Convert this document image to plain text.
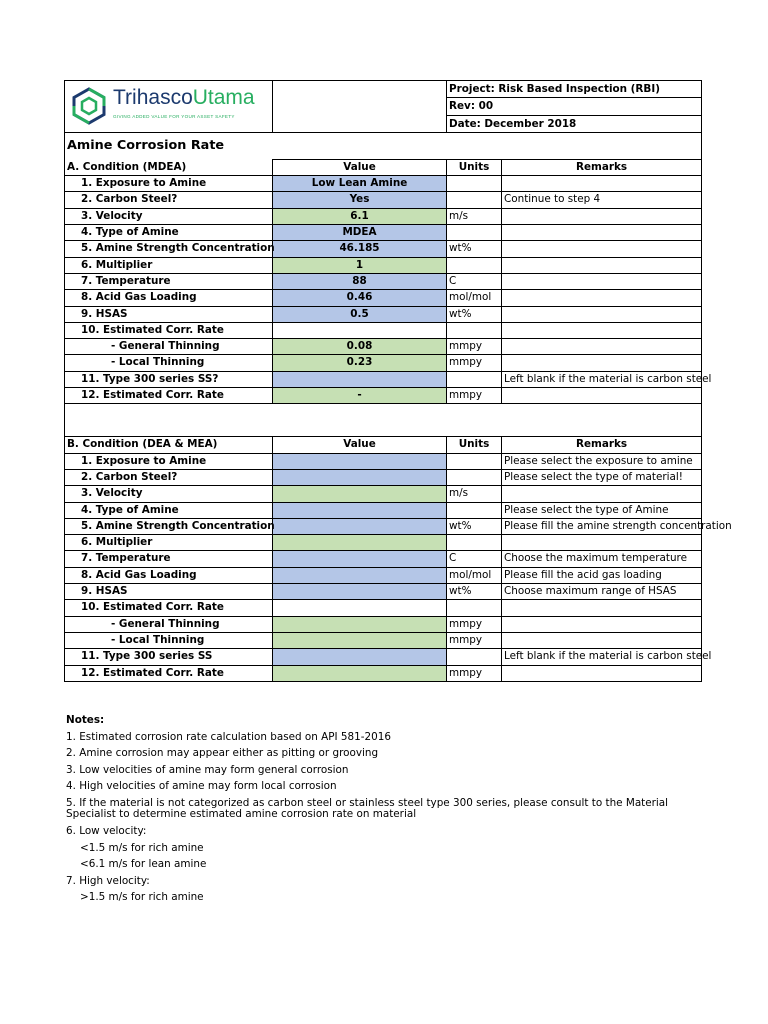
TrihascoUtama
GIVING ADDED VALUE FOR YOUR ASSET SAFETY		Project: Risk Based Inspection (RBI)	
		Rev: 00	
		Date: December 2018	
Amine Corrosion Rate			
A. Condition (MDEA)	Value	Units	Remarks
1. Exposure to Amine	Low Lean Amine		
2. Carbon Steel?	Yes		Continue to step 4
3. Velocity	6.1	m/s	
4. Type of Amine	MDEA		
5. Amine Strength Concentration	46.185	wt%	
6. Multiplier	1		
7. Temperature	88	C	
8. Acid Gas Loading	0.46	mol/mol	
9. HSAS	0.5	wt%	
10. Estimated Corr. Rate			
- General Thinning	0.08	mmpy	
- Local Thinning	0.23	mmpy	
11. Type 300 series SS?			Left blank if the material is carbon steel
12. Estimated Corr. Rate	-	mmpy	

B. Condition (DEA & MEA)	Value	Units	Remarks
1. Exposure to Amine			Please select the exposure to amine
2. Carbon Steel?			Please select the type of material!
3. Velocity		m/s	
4. Type of Amine			Please select the type of Amine
5. Amine Strength Concentration		wt%	Please fill the amine strength concentration
6. Multiplier			
7. Temperature		C	Choose the maximum temperature
8. Acid Gas Loading		mol/mol	Please fill the acid gas loading
9. HSAS		wt%	Choose maximum range of HSAS
10. Estimated Corr. Rate			
- General Thinning		mmpy	
- Local Thinning		mmpy	
11. Type 300 series SS			Left blank if the material is carbon steel
12. Estimated Corr. Rate		mmpy	
Notes:
1. Estimated corrosion rate calculation based on API 581-2016
2. Amine corrosion may appear either as pitting or grooving
3. Low velocities of amine may form general corrosion
4. High velocities of amine may form local corrosion
5. If the material is not categorized as carbon steel or stainless steel type 300 series, please consult to the Material Specialist to determine estimated amine corrosion rate on material
6. Low velocity:
<1.5 m/s for rich amine
<6.1 m/s for lean amine
7. High velocity:
>1.5 m/s for rich amine
